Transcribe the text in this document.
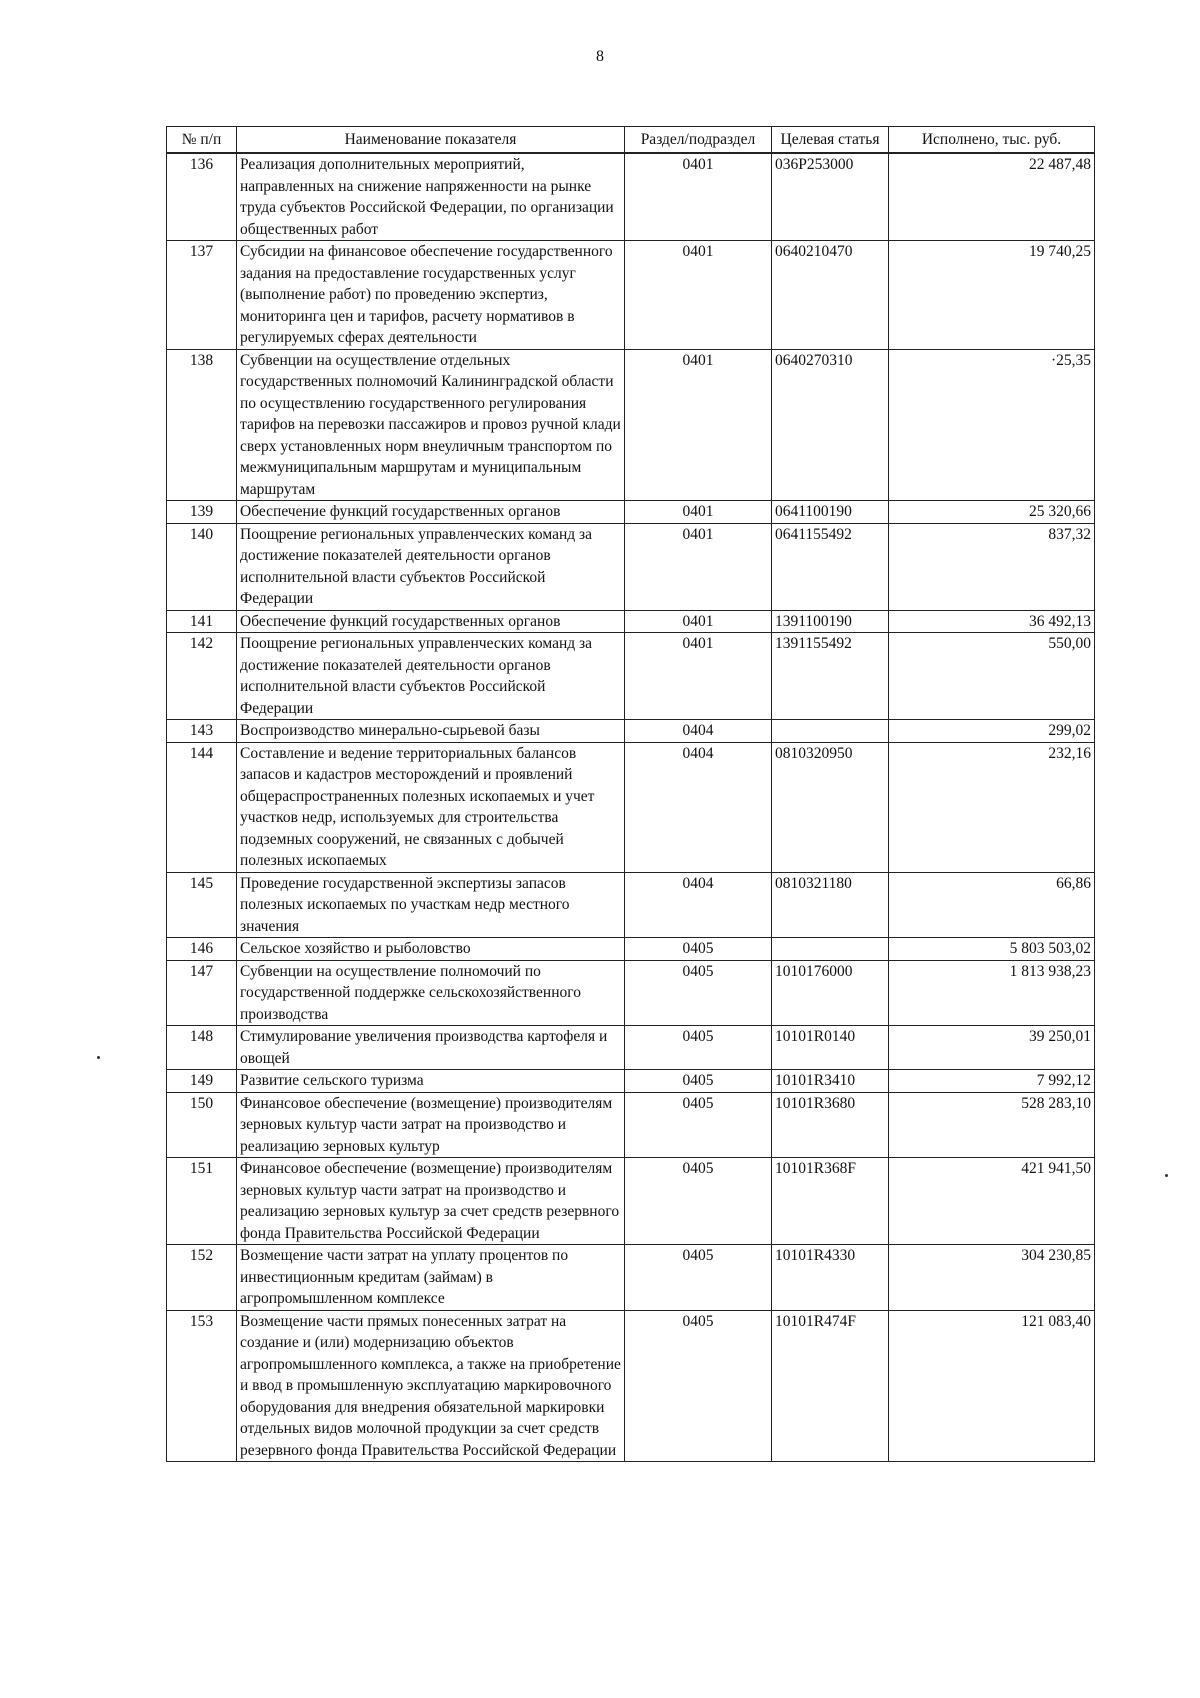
8
№ п/п	Наименование показателя	Раздел/подраздел	Целевая статья	Исполнено, тыс. руб.
136	Реализация дополнительных мероприятий, направленных на снижение напряженности на рынке труда субъектов Российской Федерации, по организации общественных работ	0401	036P253000	22 487,48
137	Субсидии на финансовое обеспечение государственного задания на предоставление государственных услуг (выполнение работ) по проведению экспертиз, мониторинга цен и тарифов, расчету нормативов в регулируемых сферах деятельности	0401	0640210470	19 740,25
138	Субвенции на осуществление отдельных государственных полномочий Калининградской области по осуществлению государственного регулирования тарифов на перевозки пассажиров и провоз ручной клади сверх установленных норм внеуличным транспортом по межмуниципальным маршрутам и муниципальным маршрутам	0401	0640270310	·25,35
139	Обеспечение функций государственных органов	0401	0641100190	25 320,66
140	Поощрение региональных управленческих команд за достижение показателей деятельности органов исполнительной власти субъектов Российской Федерации	0401	0641155492	837,32
141	Обеспечение функций государственных органов	0401	1391100190	36 492,13
142	Поощрение региональных управленческих команд за достижение показателей деятельности органов исполнительной власти субъектов Российской Федерации	0401	1391155492	550,00
143	Воспроизводство минерально-сырьевой базы	0404		299,02
144	Составление и ведение территориальных балансов запасов и кадастров месторождений и проявлений общераспространенных полезных ископаемых и учет участков недр, используемых для строительства подземных сооружений, не связанных с добычей полезных ископаемых	0404	0810320950	232,16
145	Проведение государственной экспертизы запасов полезных ископаемых по участкам недр местного значения	0404	0810321180	66,86
146	Сельское хозяйство и рыболовство	0405		5 803 503,02
147	Субвенции на осуществление полномочий по государственной поддержке сельскохозяйственного производства	0405	1010176000	1 813 938,23
148	Стимулирование увеличения производства картофеля и овощей	0405	10101R0140	39 250,01
149	Развитие сельского туризма	0405	10101R3410	7 992,12
150	Финансовое обеспечение (возмещение) производителям зерновых культур части затрат на производство и реализацию зерновых культур	0405	10101R3680	528 283,10
151	Финансовое обеспечение (возмещение) производителям зерновых культур части затрат на производство и реализацию зерновых культур за счет средств резервного фонда Правительства Российской Федерации	0405	10101R368F	421 941,50
152	Возмещение части затрат на уплату процентов по инвестиционным кредитам (займам) в агропромышленном комплексе	0405	10101R4330	304 230,85
153	Возмещение части прямых понесенных затрат на создание и (или) модернизацию объектов агропромышленного комплекса, а также на приобретение и ввод в промышленную эксплуатацию маркировочного оборудования для внедрения обязательной маркировки отдельных видов молочной продукции за счет средств резервного фонда Правительства Российской Федерации	0405	10101R474F	121 083,40
